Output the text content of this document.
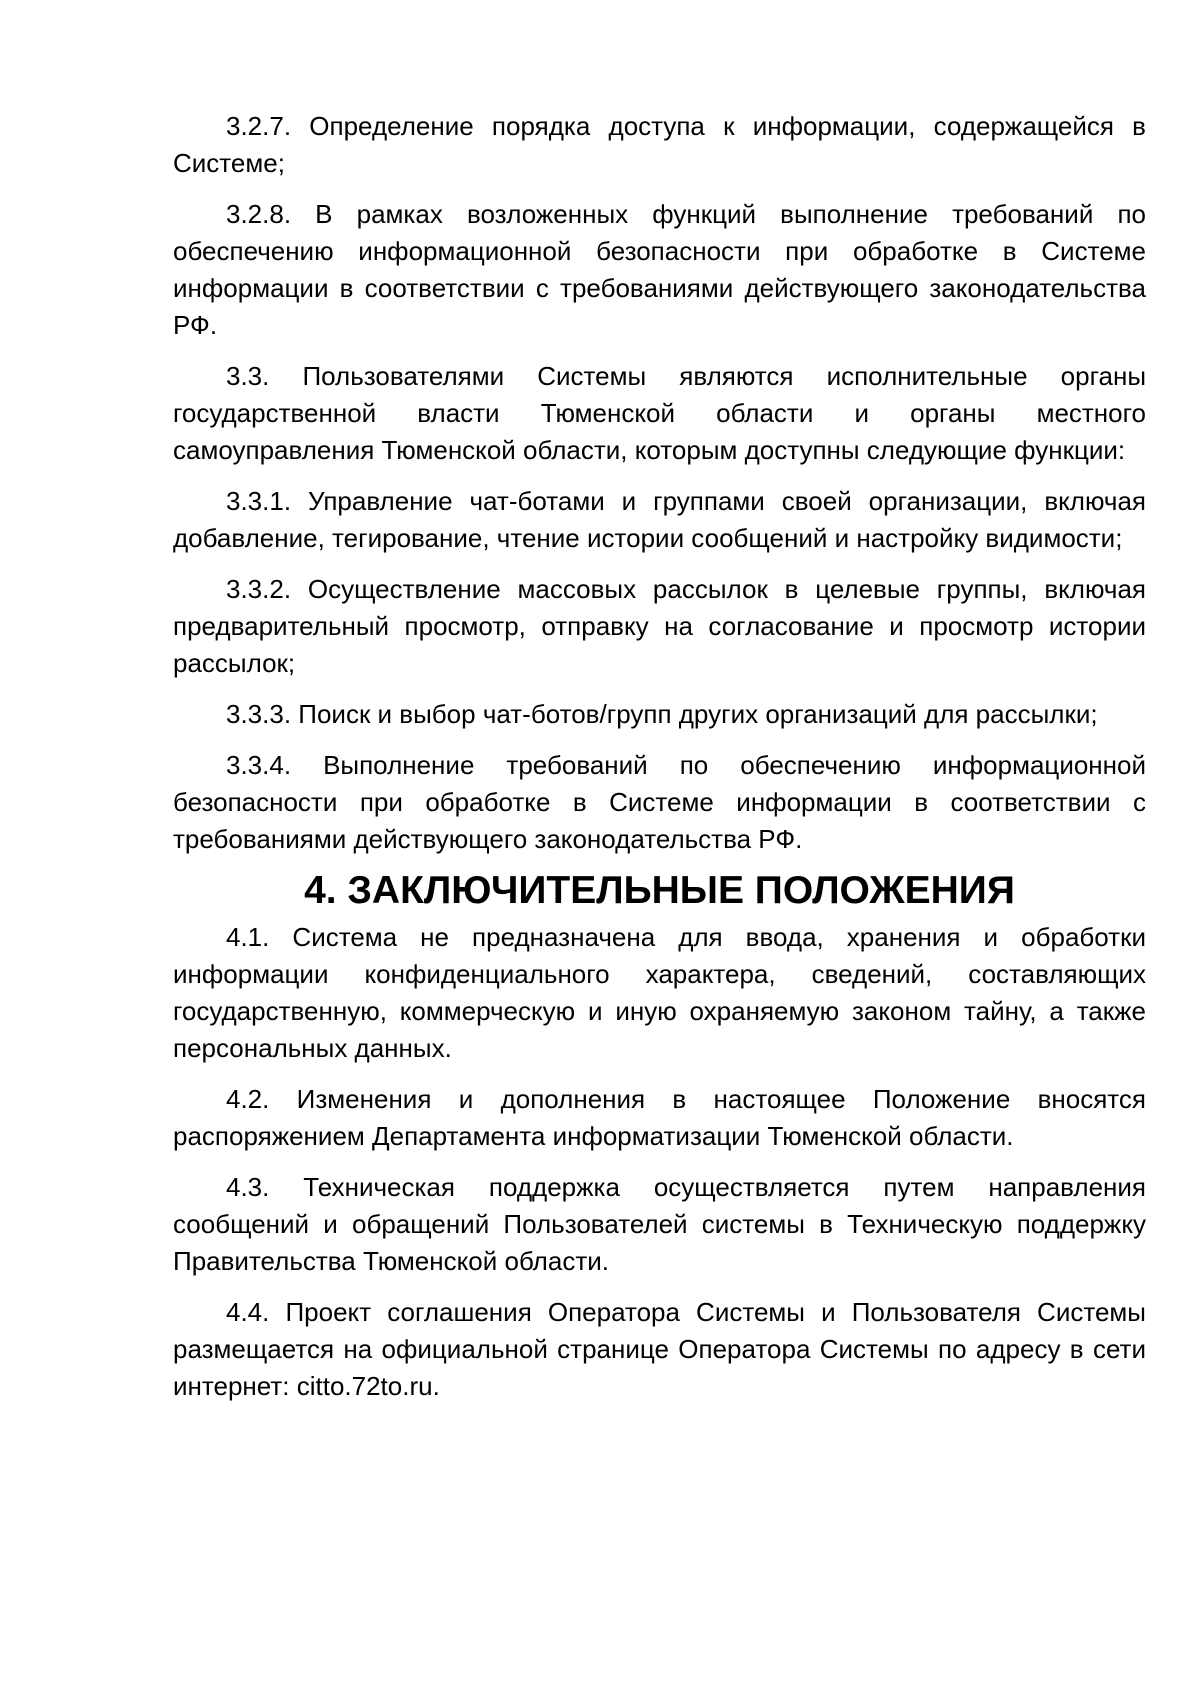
3.2.7. Определение порядка доступа к информации, содержащейся в Системе;

3.2.8. В рамках возложенных функций выполнение требований по обеспечению информационной безопасности при обработке в Системе информации в соответствии с требованиями действующего законодательства РФ.

3.3. Пользователями Системы являются исполнительные органы государственной власти Тюменской области и органы местного самоуправления Тюменской области, которым доступны следующие функции:

3.3.1. Управление чат-ботами и группами своей организации, включая добавление, тегирование, чтение истории сообщений и настройку видимости;

3.3.2. Осуществление массовых рассылок в целевые группы, включая предварительный просмотр, отправку на согласование и просмотр истории рассылок;

3.3.3. Поиск и выбор чат-ботов/групп других организаций для рассылки;

3.3.4. Выполнение требований по обеспечению информационной безопасности при обработке в Системе информации в соответствии с требованиями действующего законодательства РФ.

4. ЗАКЛЮЧИТЕЛЬНЫЕ ПОЛОЖЕНИЯ

4.1. Система не предназначена для ввода, хранения и обработки информации конфиденциального характера, сведений, составляющих государственную, коммерческую и иную охраняемую законом тайну, а также персональных данных.

4.2. Изменения и дополнения в настоящее Положение вносятся распоряжением Департамента информатизации Тюменской области.

4.3. Техническая поддержка осуществляется путем направления сообщений и обращений Пользователей системы в Техническую поддержку Правительства Тюменской области.

4.4. Проект соглашения Оператора Системы и Пользователя Системы размещается на официальной странице Оператора Системы по адресу в сети интернет: citto.72to.ru.
